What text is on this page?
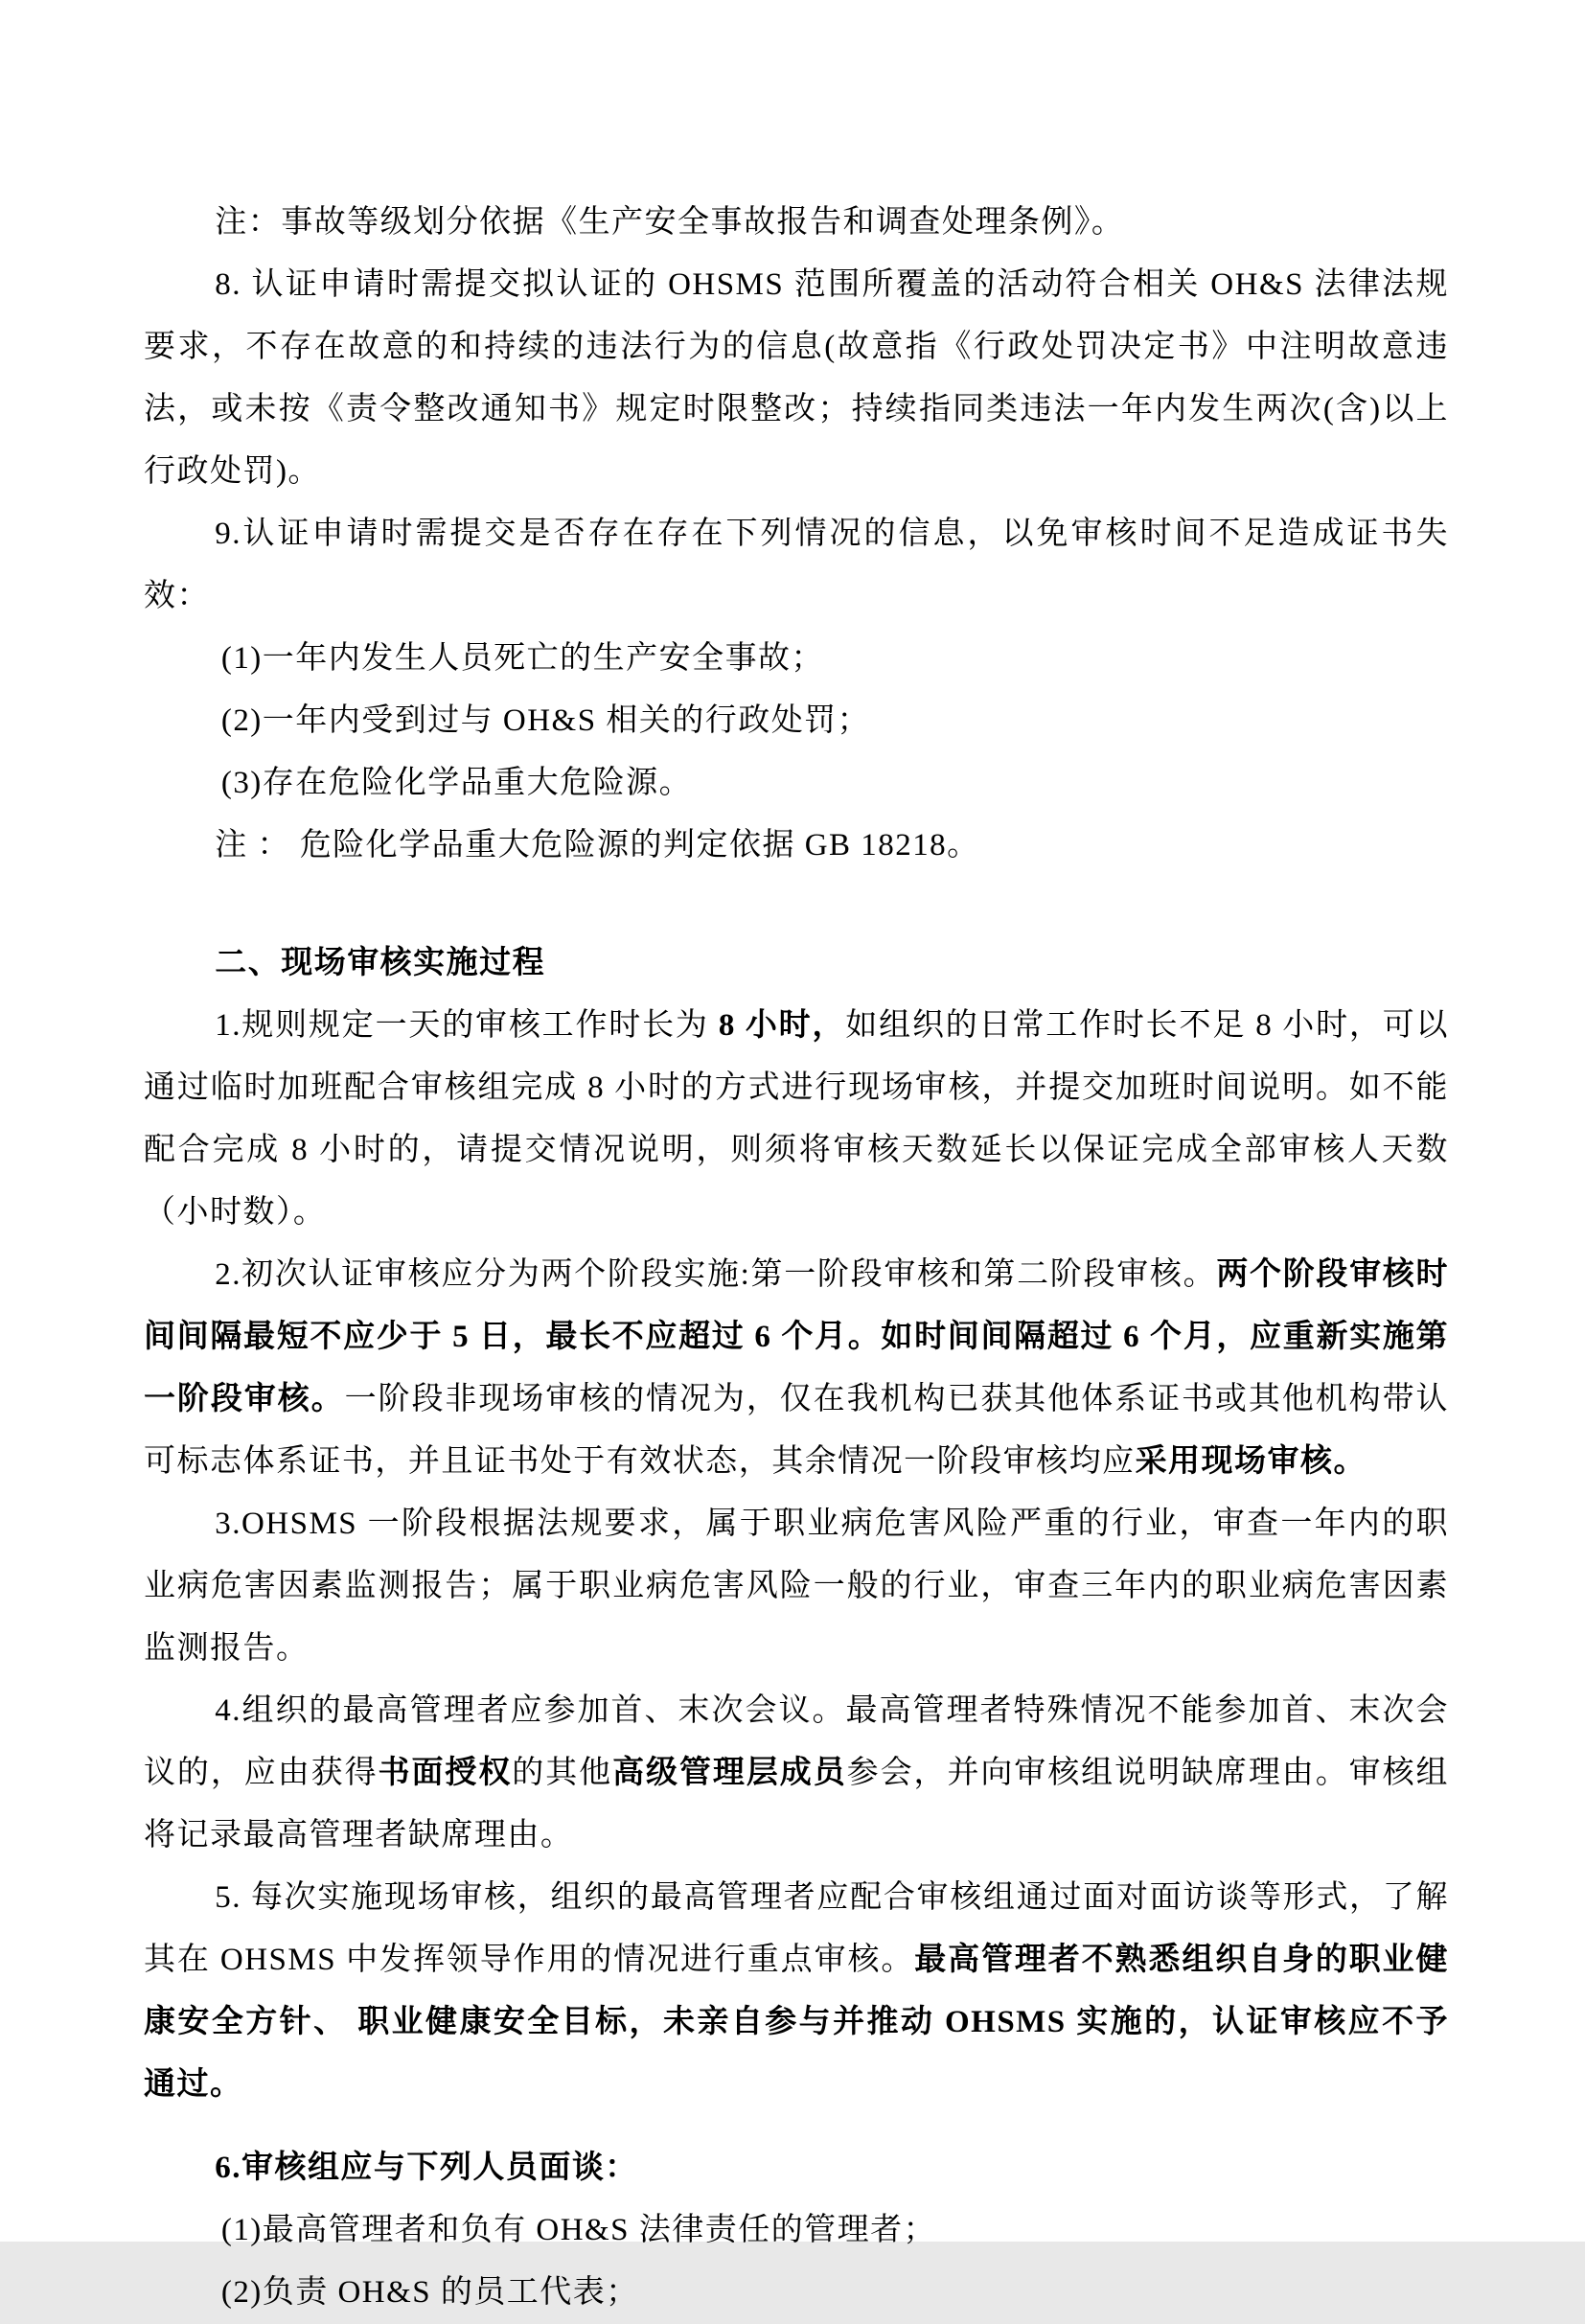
注：事故等级划分依据《生产安全事故报告和调查处理条例》。

8. 认证申请时需提交拟认证的 OHSMS 范围所覆盖的活动符合相关 OH&S 法律法规要求，不存在故意的和持续的违法行为的信息(故意指《行政处罚决定书》中注明故意违法，或未按《责令整改通知书》规定时限整改；持续指同类违法一年内发生两次(含)以上行政处罚)。

9.认证申请时需提交是否存在存在下列情况的信息，以免审核时间不足造成证书失效：

(1)一年内发生人员死亡的生产安全事故；

(2)一年内受到过与 OH&S 相关的行政处罚；

(3)存在危险化学品重大危险源。

注 ： 危险化学品重大危险源的判定依据 GB 18218。

二、现场审核实施过程

1.规则规定一天的审核工作时长为 8 小时，如组织的日常工作时长不足 8 小时，可以通过临时加班配合审核组完成 8 小时的方式进行现场审核，并提交加班时间说明。如不能配合完成 8 小时的，请提交情况说明，则须将审核天数延长以保证完成全部审核人天数（小时数）。

2.初次认证审核应分为两个阶段实施:第一阶段审核和第二阶段审核。两个阶段审核时间间隔最短不应少于 5 日，最长不应超过 6 个月。如时间间隔超过 6 个月，应重新实施第一阶段审核。一阶段非现场审核的情况为，仅在我机构已获其他体系证书或其他机构带认可标志体系证书，并且证书处于有效状态，其余情况一阶段审核均应采用现场审核。

3.OHSMS 一阶段根据法规要求，属于职业病危害风险严重的行业，审查一年内的职业病危害因素监测报告；属于职业病危害风险一般的行业，审查三年内的职业病危害因素监测报告。

4.组织的最高管理者应参加首、末次会议。最高管理者特殊情况不能参加首、末次会议的，应由获得书面授权的其他高级管理层成员参会，并向审核组说明缺席理由。审核组将记录最高管理者缺席理由。

5. 每次实施现场审核，组织的最高管理者应配合审核组通过面对面访谈等形式，了解其在 OHSMS 中发挥领导作用的情况进行重点审核。最高管理者不熟悉组织自身的职业健康安全方针、 职业健康安全目标，未亲自参与并推动 OHSMS 实施的，认证审核应不予通过。

6.审核组应与下列人员面谈：

(1)最高管理者和负有 OH&S 法律责任的管理者；

(2)负责 OH&S 的员工代表；
